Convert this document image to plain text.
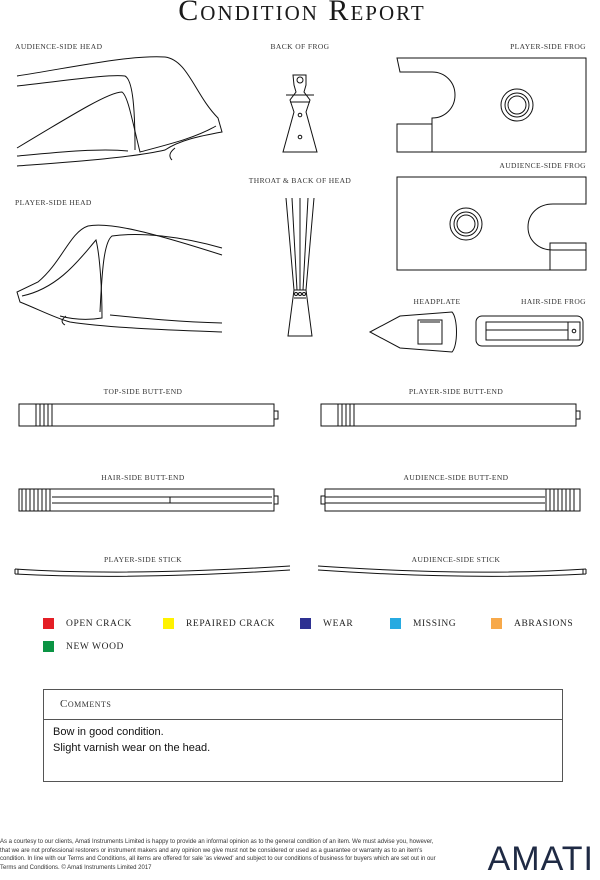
Condition Report
AUDIENCE-SIDE HEAD	BACK OF FROG	PLAYER-SIDE FROG
AUDIENCE-SIDE FROG
THROAT & BACK OF HEAD
PLAYER-SIDE HEAD
HEADPLATE	HAIR-SIDE FROG
TOP-SIDE BUTT-END	PLAYER-SIDE BUTT-END
HAIR-SIDE BUTT-END	AUDIENCE-SIDE BUTT-END
PLAYER-SIDE STICK	AUDIENCE-SIDE STICK
OPEN CRACK	REPAIRED CRACK	WEAR	MISSING	ABRASIONS
NEW WOOD
Comments
Bow in good condition.
Slight varnish wear on the head.
As a courtesy to our clients, Amati Instruments Limited is happy to provide an informal opinion as to the general condition of an item. We must advise you, however, that we are not professional restorers or instrument makers and any opinion we give must not be considered or used as a guarantee or warranty as to an item's condition. In line with our Terms and Conditions, all items are offered for sale 'as viewed' and subject to our conditions of business for buyers which are set out in our Terms and Conditions. © Amati Instruments Limited 2017	AMATI
